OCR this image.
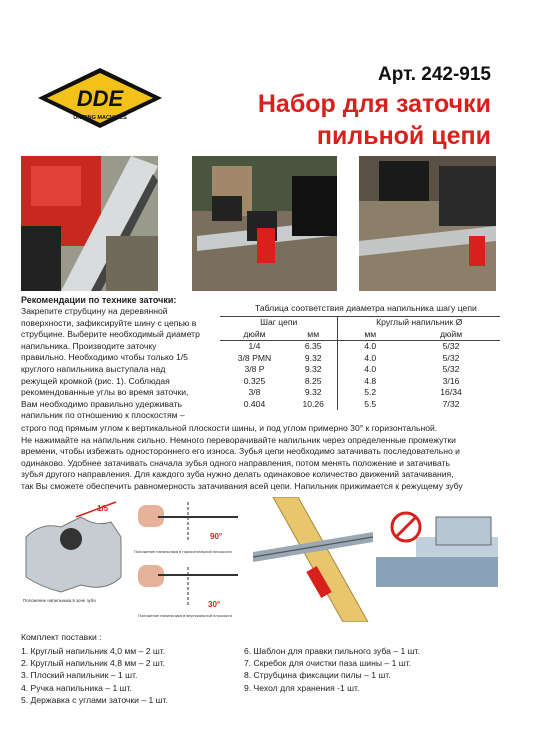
DDE
UNITING MACHINES
Арт. 242-915
Набор для заточки
пильной цепи
Рекомендации по технике заточки:
Закрепите струбцину на деревянной
поверхности, зафиксируйте шину с цепью в
струбцине. Выберите необходимый диаметр
напильника. Производите заточку
правильно. Необходимо чтобы только 1/5
круглого напильника выступала над
режущей кромкой (рис. 1). Соблюдая
рекомендованные углы во время заточки,
Вам необходимо правильно удерживать
напильник по отношению к плоскостям –
строго под прямым углом к вертикальной плоскости шины, и под углом примерно 30° к горизонтальной.
Не нажимайте на напильник сильно. Немного переворачивайте напильник через определенные промежутки
времени, чтобы избежать одностороннего его износа. Зубья цепи необходимо затачивать последовательно и
одинаково. Удобнее затачивать сначала зубья одного направления, потом менять положение и затачивать
зубья другого направления. Для каждого зуба нужно делать одинаковое количество движений затачивания,
так Вы сможете обеспечить равномерность затачивания всей цепи. Напильник прижимается к режущему зубу
Таблица соответствия диаметра напильника шагу цепи
Шаг цепи		Круглый напильник Ø	
дюйм	мм	мм	дюйм
1/4	6.35	4.0	5/32
3/8 PMN	9.32	4.0	5/32
3/8 P	9.32	4.0	5/32
0.325	8.25	4.8	3/16
3/8	9.32	5.2	16/34
0.404	10.26	5.5	7/32
1/5
Положение напильника в зоне зуба
90°
Положение напильника в горизонтальной плоскости
30°
Положение напильника в вертикальной плоскости
Комплект поставки :
1. Круглый напильник 4,0 мм – 2 шт.
2. Круглый напильник 4,8 мм – 2 шт.
3. Плоский напильник – 1 шт.
4. Ручка напильника – 1 шт.
5. Державка с углами заточки – 1 шт.
6. Шаблон для правки пильного зуба – 1 шт.
7. Скребок для очистки паза шины – 1 шт.
8. Струбцина фиксации пилы – 1 шт.
9. Чехол для хранения -1 шт.
